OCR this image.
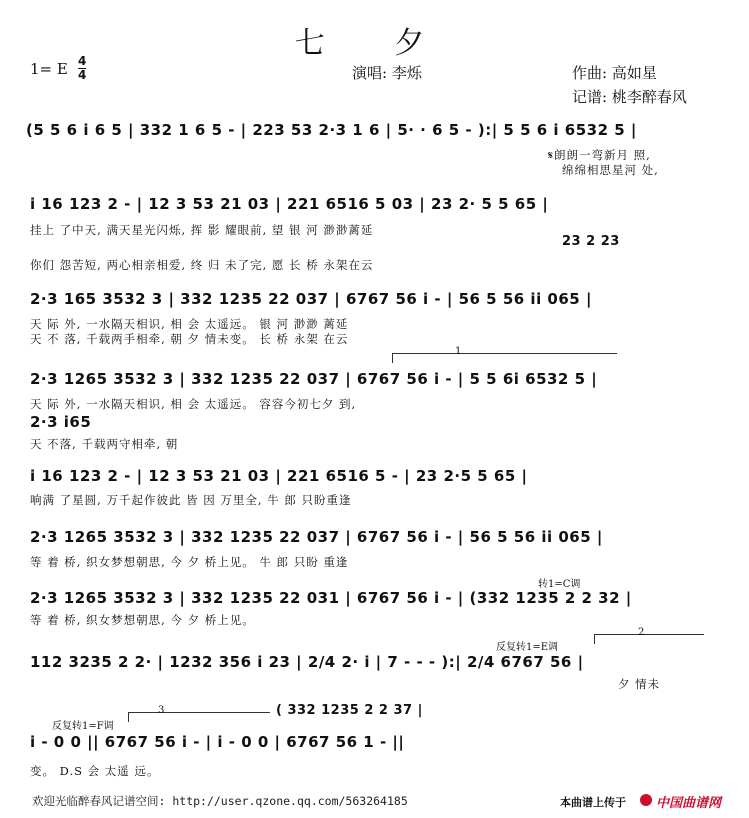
七 夕
1= E 4
4	演唱: 李烁	作曲: 高如星
记谱: 桃李醉春风
(5 5 6 i 6 5 | 332 1 6 5 - | 223 53 2·3 1 6 | 5· · 6 5 - ):| 5 5 6 i 6532 5 |
𝄋朗朗一弯新月 照,
绵绵相思星河 处,
i 16 123 2 - | 12 3 53 21 03 | 221 6516 5 03 | 23 2· 5 5 65 |
挂上 了中天, 满天星光闪烁, 挥 影 耀眼前, 望 银 河 渺渺蓠延
23 2 23
你们 怨苦短, 两心相亲相爱, 终 归 未了完, 愿 长 桥 永架在云
2·3 165 3532 3 | 332 1235 22 037 | 6767 56 i - | 56 5 56 ii 065 |
天 际 外, 一水隔天相识, 相 会 太遥远。 银 河 渺渺 蓠延
天 不 落, 千载两手相牵, 朝 夕 情未变。 长 桥 永架 在云
1
2·3 1265 3532 3 | 332 1235 22 037 | 6767 56 i - | 5 5 6i 6532 5 |
天 际 外, 一水隔天相识, 相 会 太遥远。 容容今初七夕 到,
2·3 i65
天 不落, 千载两守相牵, 朝
i 16 123 2 - | 12 3 53 21 03 | 221 6516 5 - | 23 2·5 5 65 |
响满 了星圆, 万千起作彼此 皆 因 万里全, 牛 郎 只盼重逢
2·3 1265 3532 3 | 332 1235 22 037 | 6767 56 i - | 56 5 56 ii 065 |
等 着 桥, 织女梦想朝思, 今 夕 桥上见。 牛 郎 只盼 重逢
转1=C调
2·3 1265 3532 3 | 332 1235 22 031 | 6767 56 i - | (332 1235 2 2 32 |
等 着 桥, 织女梦想朝思, 今 夕 桥上见。
反复转1=E调
2
112 3235 2 2· | 1232 356 i 23 | 2/4 2· i | 7 - - - ):| 2/4 6767 56 |
夕 情未
反复转1=F调
3	( 332 1235 2 2 37 |
i - 0 0 || 6767 56 i - | i - 0 0 | 6767 56 1 - ||
变。 D.S 会 太遥 远。
欢迎光临醉春风记谱空间: http://user.qzone.qq.com/563264185	本曲谱上传于 中国曲谱网
